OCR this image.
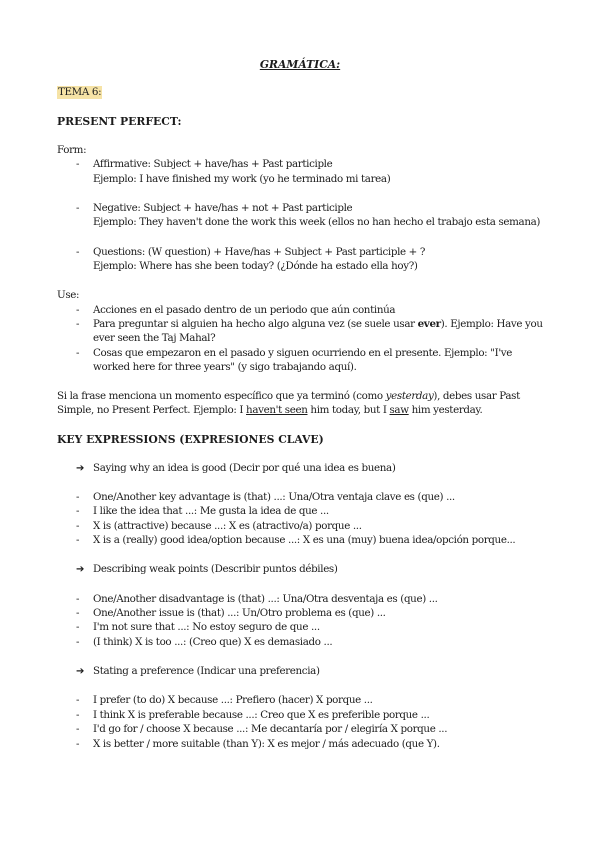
GRAMÁTICA:
TEMA 6:
PRESENT PERFECT:
Form:
- Affirmative: Subject + have/has + Past participle
Ejemplo: I have finished my work (yo he terminado mi tarea)
- Negative: Subject + have/has + not + Past participle
Ejemplo: They haven't done the work this week (ellos no han hecho el trabajo esta semana)
- Questions: (W question) + Have/has + Subject + Past participle + ?
Ejemplo: Where has she been today? (¿Dónde ha estado ella hoy?)
Use:
- Acciones en el pasado dentro de un periodo que aún continúa
- Para preguntar si alguien ha hecho algo alguna vez (se suele usar ever). Ejemplo: Have you
ever seen the Taj Mahal?
- Cosas que empezaron en el pasado y siguen ocurriendo en el presente. Ejemplo: "I've
worked here for three years" (y sigo trabajando aquí).
Si la frase menciona un momento específico que ya terminó (como yesterday), debes usar Past
Simple, no Present Perfect. Ejemplo: I haven't seen him today, but I saw him yesterday.
KEY EXPRESSIONS (EXPRESIONES CLAVE)
➔ Saying why an idea is good (Decir por qué una idea es buena)
- One/Another key advantage is (that) ...: Una/Otra ventaja clave es (que) ...
- I like the idea that ...: Me gusta la idea de que ...
- X is (attractive) because ...: X es (atractivo/a) porque ...
- X is a (really) good idea/option because ...: X es una (muy) buena idea/opción porque...
➔ Describing weak points (Describir puntos débiles)
- One/Another disadvantage is (that) ...: Una/Otra desventaja es (que) ...
- One/Another issue is (that) ...: Un/Otro problema es (que) ...
- I'm not sure that ...: No estoy seguro de que ...
- (I think) X is too ...: (Creo que) X es demasiado ...
➔ Stating a preference (Indicar una preferencia)
- I prefer (to do) X because ...: Prefiero (hacer) X porque ...
- I think X is preferable because ...: Creo que X es preferible porque ...
- I'd go for / choose X because ...: Me decantaría por / elegiría X porque ...
- X is better / more suitable (than Y): X es mejor / más adecuado (que Y).
